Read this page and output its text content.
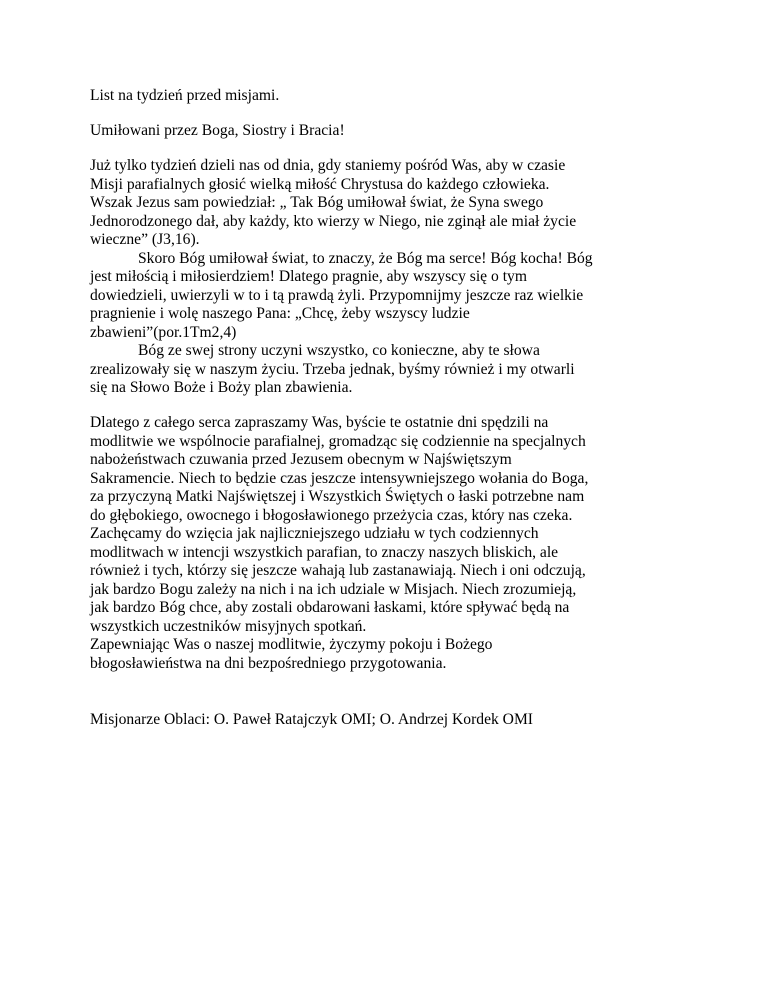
List na tydzień przed misjami.
Umiłowani przez Boga, Siostry i Bracia!
Już tylko tydzień dzieli nas od dnia, gdy staniemy pośród Was, aby w czasie
Misji parafialnych głosić wielką miłość Chrystusa do każdego człowieka.
Wszak Jezus sam powiedział: „ Tak Bóg umiłował świat, że Syna swego
Jednorodzonego dał, aby każdy, kto wierzy w Niego, nie zginął ale miał życie
wieczne” (J3,16).
Skoro Bóg umiłował świat, to znaczy, że Bóg ma serce! Bóg kocha! Bóg
jest miłością i miłosierdziem! Dlatego pragnie, aby wszyscy się o tym
dowiedzieli, uwierzyli w to i tą prawdą żyli. Przypomnijmy jeszcze raz wielkie
pragnienie i wolę naszego Pana: „Chcę, żeby wszyscy ludzie
zbawieni”(por.1Tm2,4)
Bóg ze swej strony uczyni wszystko, co konieczne, aby te słowa
zrealizowały się w naszym życiu. Trzeba jednak, byśmy również i my otwarli
się na Słowo Boże i Boży plan zbawienia.
Dlatego z całego serca zapraszamy Was, byście te ostatnie dni spędzili na
modlitwie we wspólnocie parafialnej, gromadząc się codziennie na specjalnych
nabożeństwach czuwania przed Jezusem obecnym w Najświętszym
Sakramencie. Niech to będzie czas jeszcze intensywniejszego wołania do Boga,
za przyczyną Matki Najświętszej i Wszystkich Świętych o łaski potrzebne nam
do głębokiego, owocnego i błogosławionego przeżycia czas, który nas czeka.
Zachęcamy do wzięcia jak najliczniejszego udziału w tych codziennych
modlitwach w intencji wszystkich parafian, to znaczy naszych bliskich, ale
również i tych, którzy się jeszcze wahają lub zastanawiają. Niech i oni odczują,
jak bardzo Bogu zależy na nich i na ich udziale w Misjach. Niech zrozumieją,
jak bardzo Bóg chce, aby zostali obdarowani łaskami, które spływać będą na
wszystkich uczestników misyjnych spotkań.
Zapewniając Was o naszej modlitwie, życzymy pokoju i Bożego
błogosławieństwa na dni bezpośredniego przygotowania.
Misjonarze Oblaci: O. Paweł Ratajczyk OMI; O. Andrzej Kordek OMI
